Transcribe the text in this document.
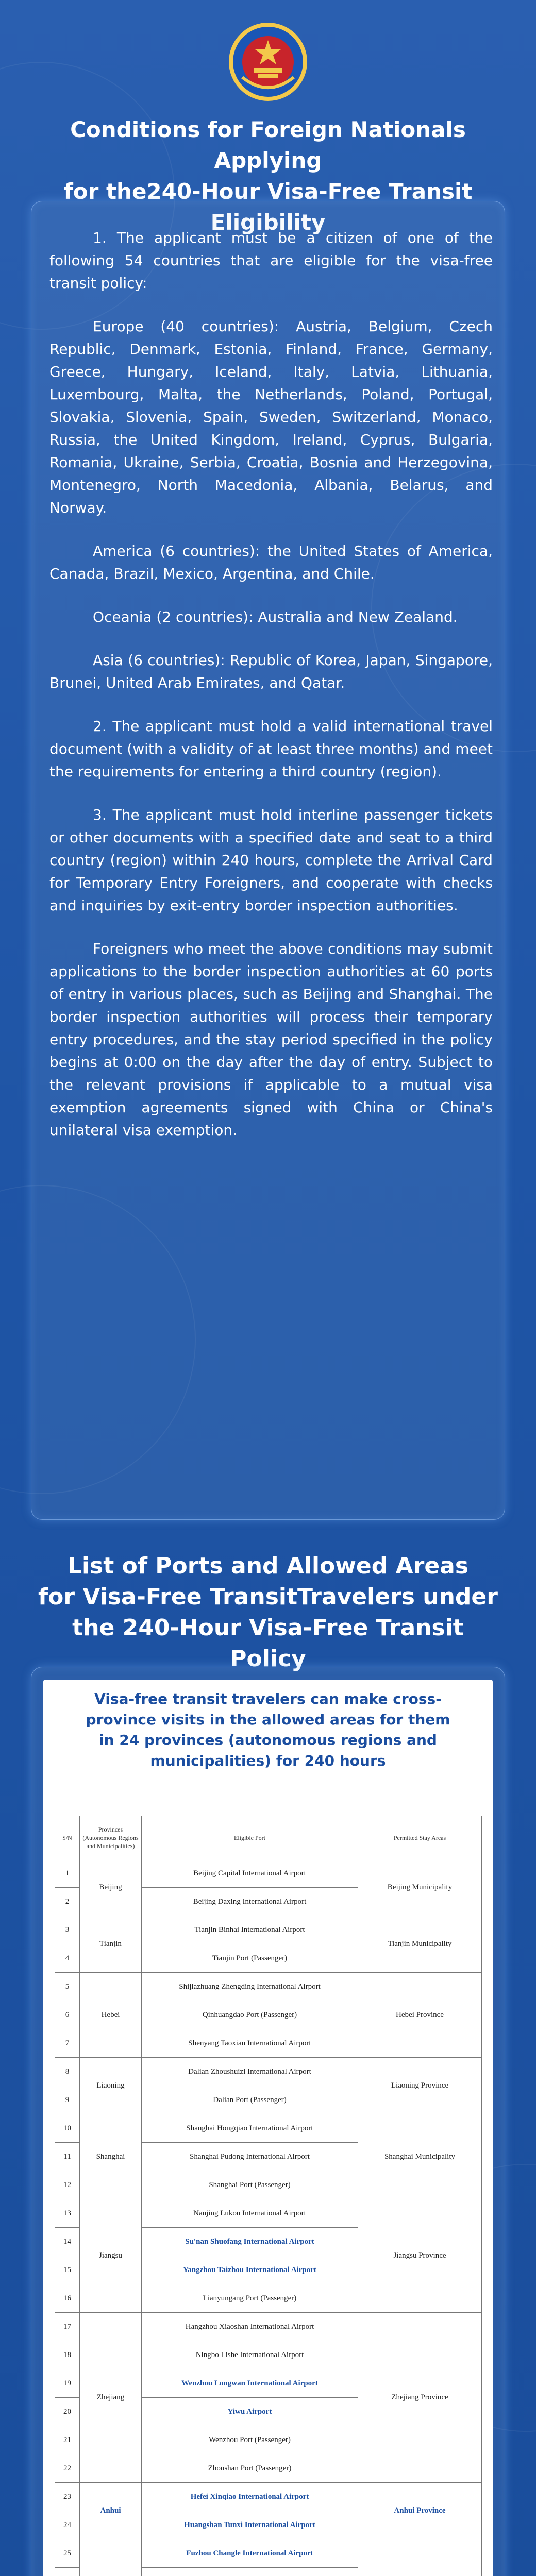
Conditions for Foreign Nationals Applying
for the240-Hour Visa-Free Transit Eligibility

1. The applicant must be a citizen of one of the following 54 countries that are eligible for the visa-free transit policy:

Europe (40 countries): Austria, Belgium, Czech Republic, Denmark, Estonia, Finland, France, Germany, Greece, Hungary, Iceland, Italy, Latvia, Lithuania, Luxembourg, Malta, the Netherlands, Poland, Portugal, Slovakia, Slovenia, Spain, Sweden, Switzerland, Monaco, Russia, the United Kingdom, Ireland, Cyprus, Bulgaria, Romania, Ukraine, Serbia, Croatia, Bosnia and Herzegovina, Montenegro, North Macedonia, Albania, Belarus, and Norway.

America (6 countries): the United States of America, Canada, Brazil, Mexico, Argentina, and Chile.

Oceania (2 countries): Australia and New Zealand.

Asia (6 countries): Republic of Korea, Japan, Singapore, Brunei, United Arab Emirates, and Qatar.

2. The applicant must hold a valid international travel document (with a validity of at least three months) and meet the requirements for entering a third country (region).

3. The applicant must hold interline passenger tickets or other documents with a specified date and seat to a third country (region) within 240 hours, complete the Arrival Card for Temporary Entry Foreigners, and cooperate with checks and inquiries by exit-entry border inspection authorities.

Foreigners who meet the above conditions may submit applications to the border inspection authorities at 60 ports of entry in various places, such as Beijing and Shanghai. The border inspection authorities will process their temporary entry procedures, and the stay period specified in the policy begins at 0:00 on the day after the day of entry. Subject to the relevant provisions if applicable to a mutual visa exemption agreements signed with China or China's unilateral visa exemption.

List of Ports and Allowed Areas
for Visa-Free TransitTravelers under
the 240-Hour Visa-Free Transit Policy
Visa-free transit travelers can make cross-province visits in the allowed areas for them in 24 provinces (autonomous regions and municipalities) for 240 hours
S/N	Provinces (Autonomous Regions and Municipalities)	Eligible Port	Permitted Stay Areas
1	Beijing	Beijing Capital International Airport	Beijing Municipality
2		Beijing Daxing International Airport	
3	Tianjin	Tianjin Binhai International Airport	Tianjin Municipality
4		Tianjin Port (Passenger)	
5	Hebei	Shijiazhuang Zhengding International Airport	Hebei Province
6		Qinhuangdao Port (Passenger)	
7		Shenyang Taoxian International Airport	
8	Liaoning	Dalian Zhoushuizi International Airport	Liaoning Province
9		Dalian Port (Passenger)	
10	Shanghai	Shanghai Hongqiao International Airport	Shanghai Municipality
11		Shanghai Pudong International Airport	
12		Shanghai Port (Passenger)	
13	Jiangsu	Nanjing Lukou International Airport	Jiangsu Province
14		Su'nan Shuofang International Airport	
15		Yangzhou Taizhou International Airport	
16		Lianyungang Port (Passenger)	
17	Zhejiang	Hangzhou Xiaoshan International Airport	Zhejiang Province
18		Ningbo Lishe International Airport	
19		Wenzhou Longwan International Airport	
20		Yiwu Airport	
21		Wenzhou Port (Passenger)	
22		Zhoushan Port (Passenger)	
23	Anhui	Hefei Xinqiao International Airport	Anhui Province
24		Huangshan Tunxi International Airport	
25		Fuzhou Changle International Airport	
